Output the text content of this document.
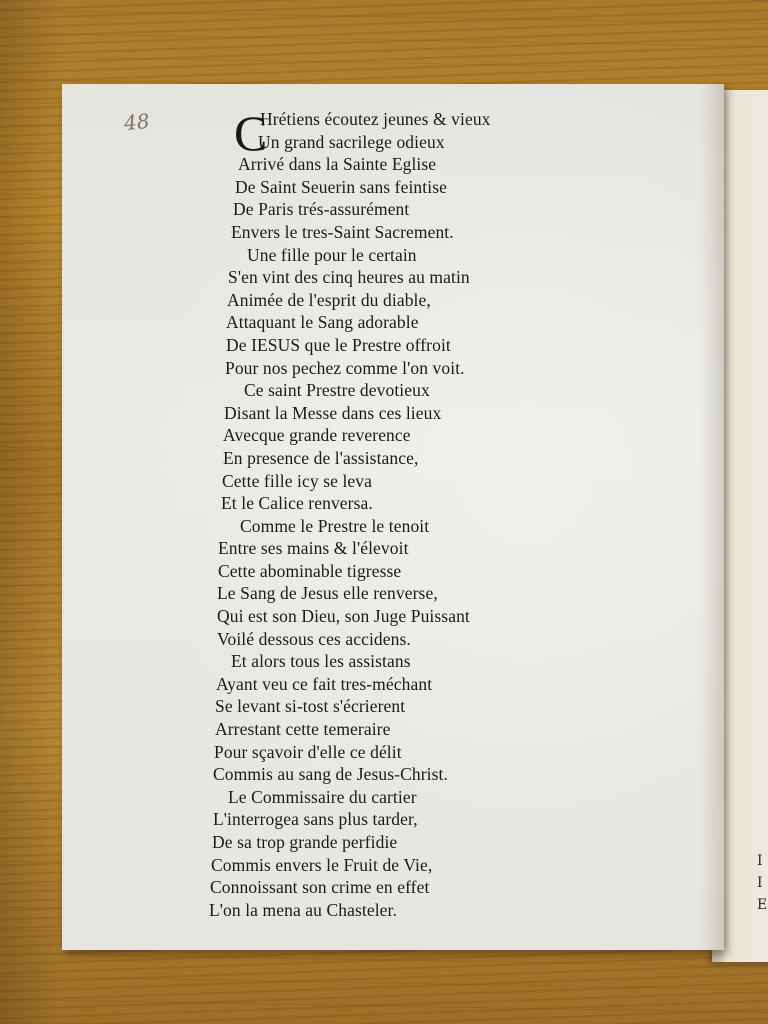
I
I
E
48 C
Hrétiens écoutez jeunes & vieux
Un grand sacrilege odieux
Arrivé dans la Sainte Eglise
De Saint Seuerin sans feintise
De Paris trés-assurément
Envers le tres-Saint Sacrement.
Une fille pour le certain
S'en vint des cinq heures au matin
Animée de l'esprit du diable,
Attaquant le Sang adorable
De IESUS que le Prestre offroit
Pour nos pechez comme l'on voit.
Ce saint Prestre devotieux
Disant la Messe dans ces lieux
Avecque grande reverence
En presence de l'assistance,
Cette fille icy se leva
Et le Calice renversa.
Comme le Prestre le tenoit
Entre ses mains & l'élevoit
Cette abominable tigresse
Le Sang de Jesus elle renverse,
Qui est son Dieu, son Juge Puissant
Voilé dessous ces accidens.
Et alors tous les assistans
Ayant veu ce fait tres-méchant
Se levant si-tost s'écrierent
Arrestant cette temeraire
Pour sçavoir d'elle ce délit
Commis au sang de Jesus-Christ.
Le Commissaire du cartier
L'interrogea sans plus tarder,
De sa trop grande perfidie
Commis envers le Fruit de Vie,
Connoissant son crime en effet
L'on la mena au Chasteler.
